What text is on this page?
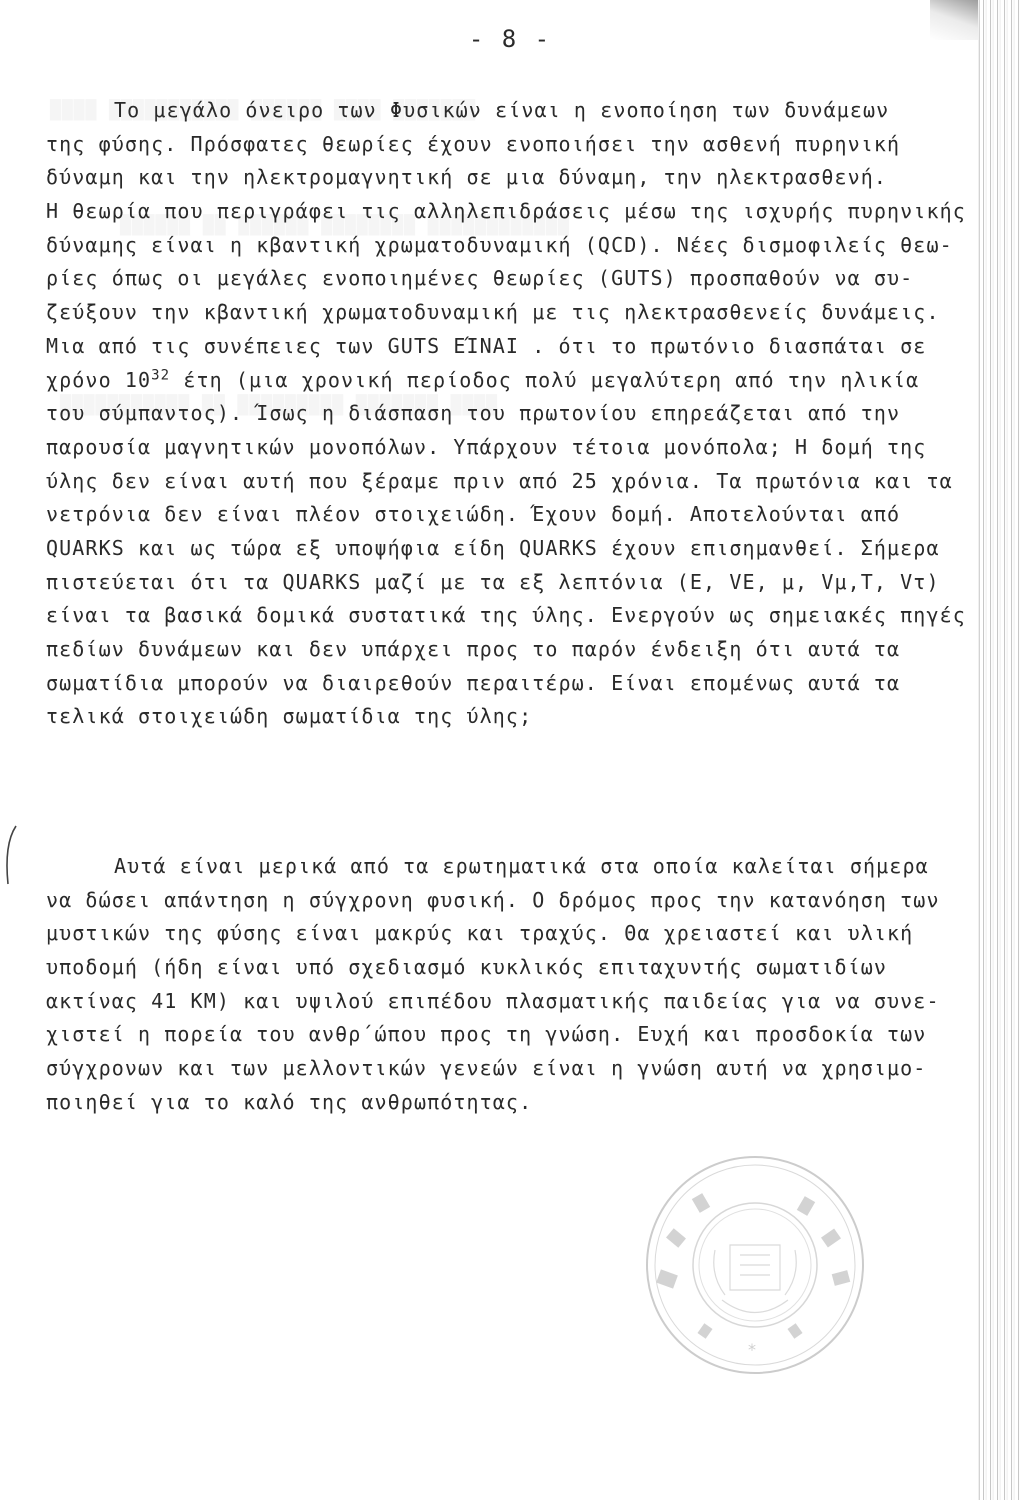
- 8 -
Το μεγάλο όνειρο των Φυσικών είναι η ενοποίηση των δυνάμεων
της φύσης. Πρόσφατες θεωρίες έχουν ενοποιήσει την ασθενή πυρηνική
δύναμη και την ηλεκτρομαγνητική σε μια δύναμη, την ηλεκτρασθενή.
Η θεωρία που περιγράφει τις αλληλεπιδράσεις μέσω της ισχυρής πυρηνικής
δύναμης είναι η κβαντική χρωματοδυναμική (QCD). Νέες δισμοφιλείς θεω-
ρίες όπως οι μεγάλες ενοποιημένες θεωρίες (GUTS) προσπαθούν να συ-
ζεύξουν την κβαντική χρωματοδυναμική με τις ηλεκτρασθενείς δυνάμεις.
Μια από τις συνέπειες των GUTS ΕΊΝΑΙ . ότι το πρωτόνιο διασπάται σε
χρόνο $10^{32}$ έτη (μια χρονική περίοδος πολύ μεγαλύτερη από την ηλικία
του σύμπαντος). Ίσως η διάσπαση του πρωτονίου επηρεάζεται από την
παρουσία μαγνητικών μονοπόλων. Υπάρχουν τέτοια μονόπολα; Η δομή της
ύλης δεν είναι αυτή που ξέραμε πριν από 25 χρόνια. Τα πρωτόνια και τα
νετρόνια δεν είναι πλέον στοιχειώδη. Έχουν δομή. Αποτελούνται από
QUARKS και ως τώρα εξ υποψήφια είδη QUARKS έχουν επισημανθεί. Σήμερα
πιστεύεται ότι τα QUARKS μαζί με τα εξ λεπτόνια (Ε, VE, μ, Vμ,T, Vτ)
είναι τα βασικά δομικά συστατικά της ύλης. Ενεργούν ως σημειακές πηγές
πεδίων δυνάμεων και δεν υπάρχει προς το παρόν ένδειξη ότι αυτά τα
σωματίδια μπορούν να διαιρεθούν περαιτέρω. Είναι επομένως αυτά τα
τελικά στοιχειώδη σωματίδια της ύλης;
Αυτά είναι μερικά από τα ερωτηματικά στα οποία καλείται σήμερα
να δώσει απάντηση η σύγχρονη φυσική. Ο δρόμος προς την κατανόηση των
μυστικών της φύσης είναι μακρύς και τραχύς. Θα χρειαστεί και υλική
υποδομή (ήδη είναι υπό σχεδιασμό κυκλικός επιταχυντής σωματιδίων
ακτίνας 41 ΚΜ) και υψιλού επιπέδου πλασματικής παιδείας για να συνε-
χιστεί η πορεία του ανθρ΄ώπου προς τη γνώση. Ευχή και προσδοκία των
σύγχρονων και των μελλοντικών γενεών είναι η γνώση αυτή να χρησιμο-
ποιηθεί για το καλό της ανθρωπότητας.
*
